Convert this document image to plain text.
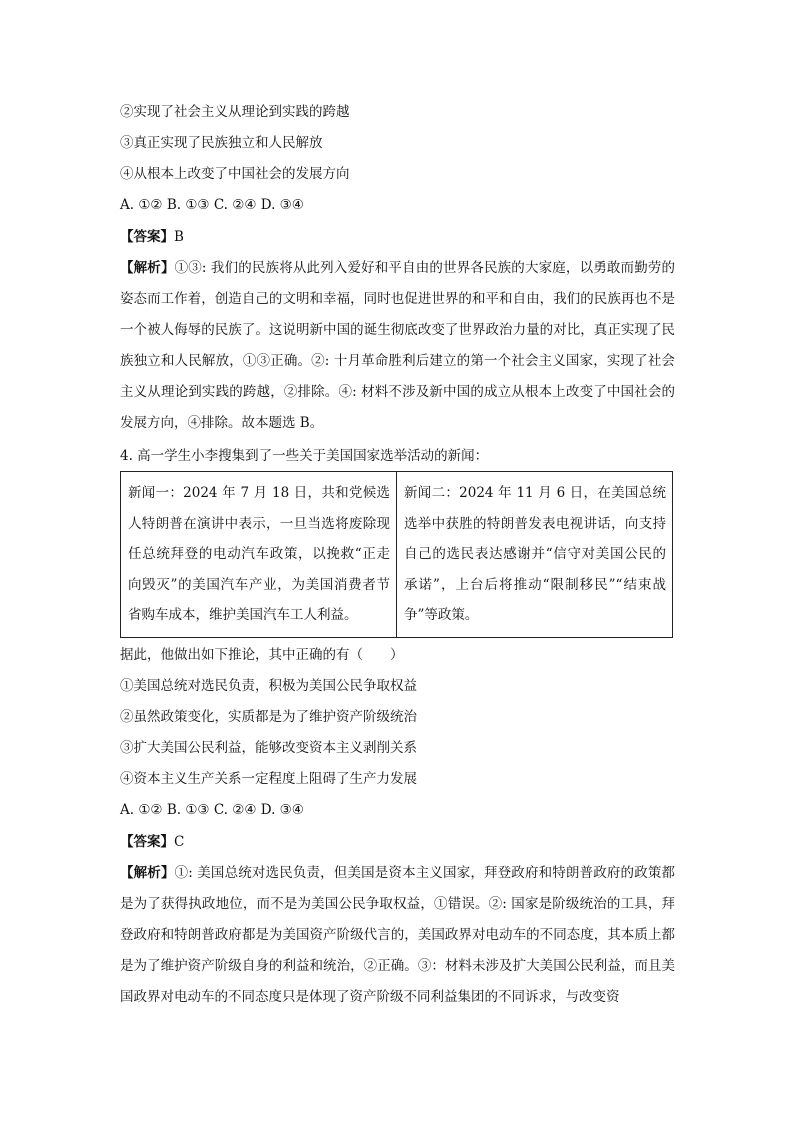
②实现了社会主义从理论到实践的跨越
③真正实现了民族独立和人民解放
④从根本上改变了中国社会的发展方向
A. ①② B. ①③ C. ②④ D. ③④
【答案】B

【解析】①③: 我们的民族将从此列入爱好和平自由的世界各民族的大家庭，以勇敢而勤劳的姿态而工作着，创造自己的文明和幸福，同时也促进世界的和平和自由，我们的民族再也不是一个被人侮辱的民族了。这说明新中国的诞生彻底改变了世界政治力量的对比，真正实现了民族独立和人民解放，①③正确。②: 十月革命胜利后建立的第一个社会主义国家，实现了社会主义从理论到实践的跨越，②排除。④: 材料不涉及新中国的成立从根本上改变了中国社会的发展方向，④排除。故本题选 B。

4. 高一学生小李搜集到了一些关于美国国家选举活动的新闻：
新闻一：2024 年 7 月 18 日，共和党候选人特朗普在演讲中表示，一旦当选将废除现任总统拜登的电动汽车政策，以挽救“正走向毁灭”的美国汽车产业，为美国消费者节省购车成本，维护美国汽车工人利益。	新闻二：2024 年 11 月 6 日，在美国总统选举中获胜的特朗普发表电视讲话，向支持自己的选民表达感谢并“信守对美国公民的承诺”，上台后将推动“限制移民”“结束战争”等政策。
据此，他做出如下推论，其中正确的有（　　）
①美国总统对选民负责，积极为美国公民争取权益
②虽然政策变化，实质都是为了维护资产阶级统治
③扩大美国公民利益，能够改变资本主义剥削关系
④资本主义生产关系一定程度上阻碍了生产力发展
A. ①② B. ①③ C. ②④ D. ③④
【答案】C

【解析】①: 美国总统对选民负责，但美国是资本主义国家，拜登政府和特朗普政府的政策都是为了获得执政地位，而不是为美国公民争取权益，①错误。②: 国家是阶级统治的工具，拜登政府和特朗普政府都是为美国资产阶级代言的，美国政界对电动车的不同态度，其本质上都是为了维护资产阶级自身的利益和统治，②正确。③：材料未涉及扩大美国公民利益，而且美国政界对电动车的不同态度只是体现了资产阶级不同利益集团的不同诉求，与改变资
